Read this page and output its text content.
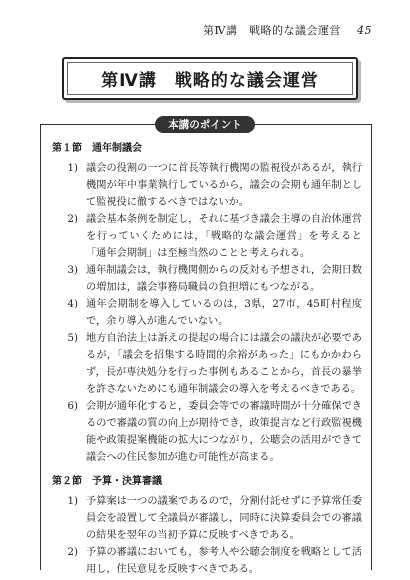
第Ⅳ講　戦略的な議会運営 45
第Ⅳ講　戦略的な議会運営
本講のポイント
第１節　通年制議会
1) 議会の役割の一つに首長等執行機関の監視役があるが，執行機関が年中事業執行しているから，議会の会期も通年制として監視役に徹するべきではないか。
2) 議会基本条例を制定し，それに基づき議会主導の自治体運営を行っていくためには，「戦略的な議会運営」を考えると「通年会期制」は至極当然のことと考えられる。
3) 通年制議会は，執行機関側からの反対も予想され，会期日数の増加は，議会事務局職員の負担増にもつながる。
4) 通年会期制を導入しているのは，3県，27市，45町村程度で，余り導入が進んでいない。
5) 地方自治法上は訴えの提起の場合には議会の議決が必要であるが，「議会を招集する時間的余裕があった」にもかかわらず，長が専決処分を行った事例もあることから，首長の暴挙を許さないためにも通年制議会の導入を考えるべきである。
6) 会期が通年化すると，委員会等での審議時間が十分確保できるので審議の質の向上が期待でき，政策提言など行政監視機能や政策提案機能の拡大につながり，公聴会の活用ができて議会への住民参加が進む可能性が高まる。
第２節　予算・決算審議
1) 予算案は一つの議案であるので，分割付託せずに予算常任委員会を設置して全議員が審議し，同時に決算委員会での審議の結果を翌年の当初予算に反映すべきである。
2) 予算の審議においても，参考人や公聴会制度を戦略として活用し，住民意見を反映すべきである。
